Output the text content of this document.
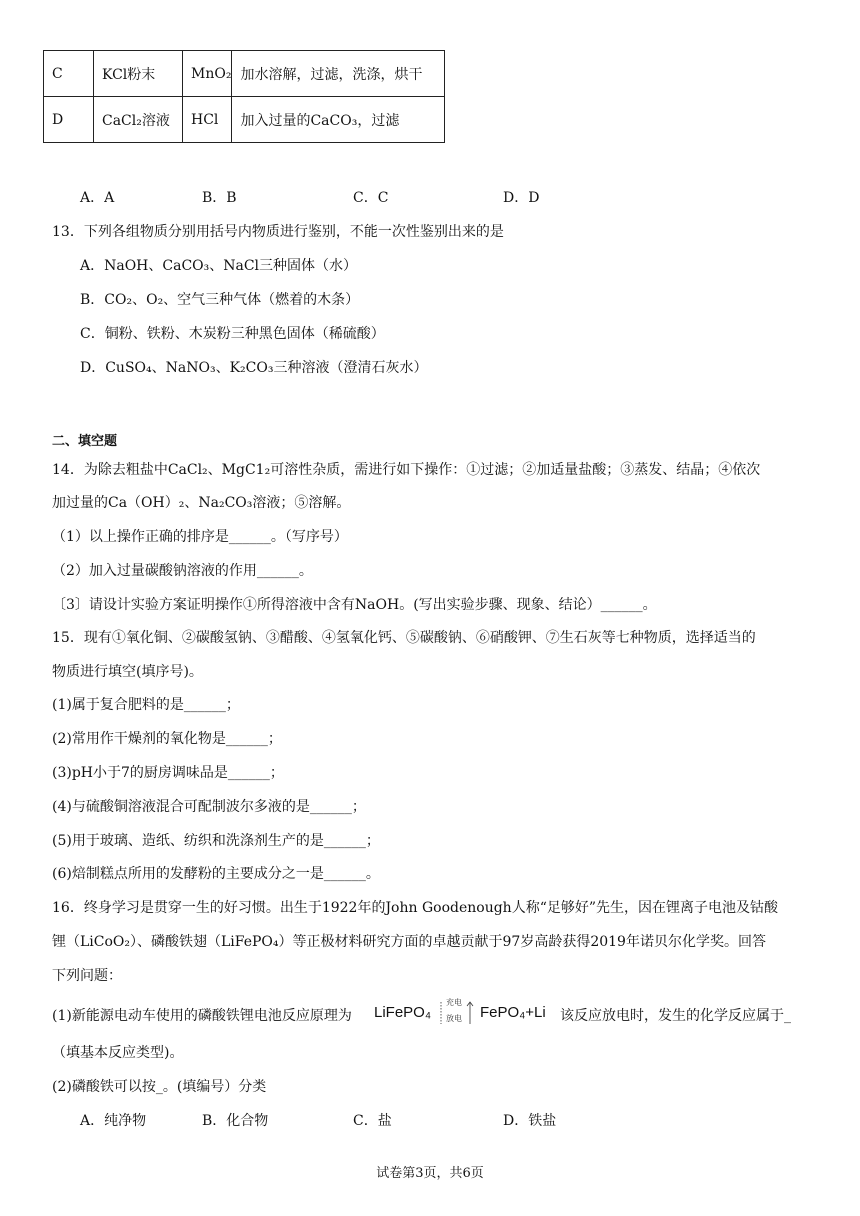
C	KCl粉末	MnO₂	加水溶解，过滤，洗涤，烘干
D	CaCl₂溶液	HCl	加入过量的CaCO₃，过滤
A．A	B．B	C．C	D．D
13．下列各组物质分别用括号内物质进行鉴别，不能一次性鉴别出来的是
A．NaOH、CaCO₃、NaCl三种固体（水）
B．CO₂、O₂、空气三种气体（燃着的木条）
C．铜粉、铁粉、木炭粉三种黑色固体（稀硫酸）
D．CuSO₄、NaNO₃、K₂CO₃三种溶液（澄清石灰水）
二、填空题
14．为除去粗盐中CaCl₂、MgC1₂可溶性杂质，需进行如下操作：①过滤；②加适量盐酸；③蒸发、结晶；④依次
加过量的Ca（OH）₂、Na₂CO₃溶液；⑤溶解。
（1）以上操作正确的排序是______。（写序号）
（2）加入过量碳酸钠溶液的作用______。
〔3〕请设计实验方案证明操作①所得溶液中含有NaOH。(写出实验步骤、现象、结论）______。
15．现有①氧化铜、②碳酸氢钠、③醋酸、④氢氧化钙、⑤碳酸钠、⑥硝酸钾、⑦生石灰等七种物质，选择适当的
物质进行填空(填序号)。
(1)属于复合肥料的是______；
(2)常用作干燥剂的氧化物是______；
(3)pH小于7的厨房调味品是______；
(4)与硫酸铜溶液混合可配制波尔多液的是______；
(5)用于玻璃、造纸、纺织和洗涤剂生产的是______；
(6)焙制糕点所用的发酵粉的主要成分之一是______。
16．终身学习是贯穿一生的好习惯。出生于1922年的John Goodenough人称“足够好”先生，因在锂离子电池及钴酸
锂（LiCoO₂）、磷酸铁翅（LiFePO₄）等正极材料研究方面的卓越贡献于97岁高龄获得2019年诺贝尔化学奖。回答
下列问题：
(1)新能源电动车使用的磷酸铁锂电池反应原理为 LiFePO₄
充电
放电 FePO₄+Li 该反应放电时，发生的化学反应属于_
（填基本反应类型)。
(2)磷酸铁可以按_。(填编号）分类
A．纯净物	B．化合物	C．盐	D．铁盐
试卷第3页，共6页
